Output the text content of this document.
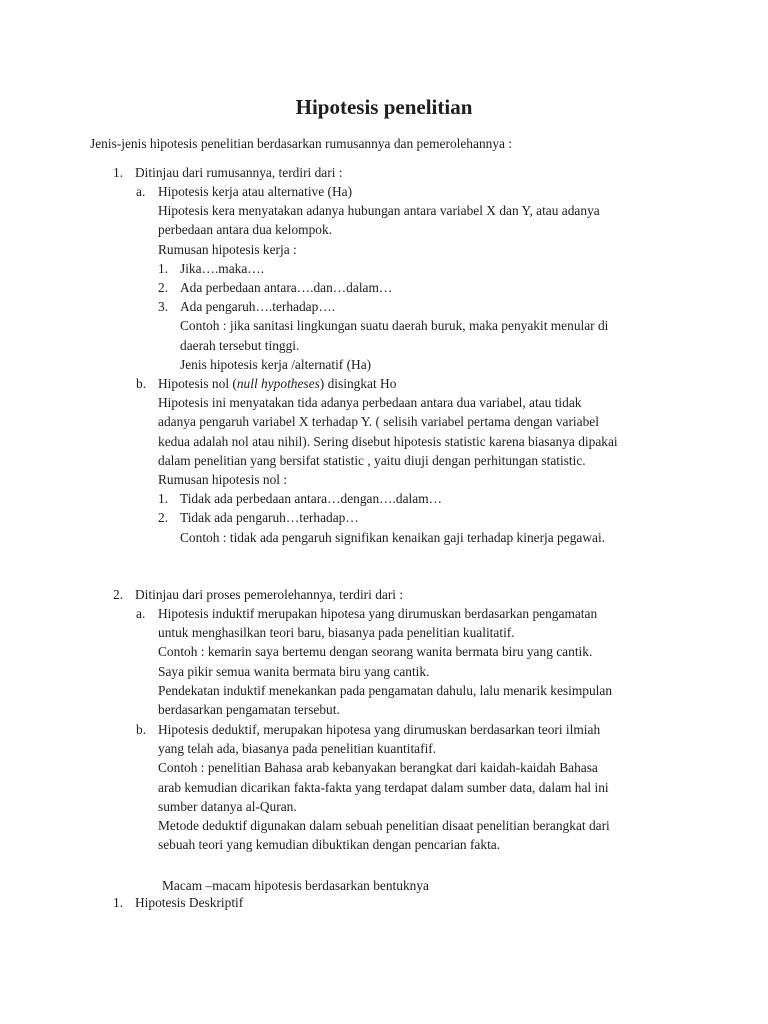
Hipotesis penelitian
Jenis-jenis hipotesis penelitian berdasarkan rumusannya dan pemerolehannya :
1. Ditinjau dari rumusannya, terdiri dari :
a. Hipotesis kerja atau alternative (Ha)
Hipotesis kera menyatakan adanya hubungan antara variabel X dan Y, atau adanya
perbedaan antara dua kelompok.
Rumusan hipotesis kerja :
1. Jika….maka….
2. Ada perbedaan antara….dan…dalam…
3. Ada pengaruh….terhadap….
Contoh : jika sanitasi lingkungan suatu daerah buruk, maka penyakit menular di
daerah tersebut tinggi.
Jenis hipotesis kerja /alternatif (Ha)
b. Hipotesis nol (null hypotheses) disingkat Ho
Hipotesis ini menyatakan tida adanya perbedaan antara dua variabel, atau tidak
adanya pengaruh variabel X terhadap Y. ( selisih variabel pertama dengan variabel
kedua adalah nol atau nihil). Sering disebut hipotesis statistic karena biasanya dipakai
dalam penelitian yang bersifat statistic , yaitu diuji dengan perhitungan statistic.
Rumusan hipotesis nol :
1. Tidak ada perbedaan antara…dengan….dalam…
2. Tidak ada pengaruh…terhadap…
Contoh : tidak ada pengaruh signifikan kenaikan gaji terhadap kinerja pegawai.
2. Ditinjau dari proses pemerolehannya, terdiri dari :
a. Hipotesis induktif merupakan hipotesa yang dirumuskan berdasarkan pengamatan
untuk menghasilkan teori baru, biasanya pada penelitian kualitatif.
Contoh : kemarin saya bertemu dengan seorang wanita bermata biru yang cantik.
Saya pikir semua wanita bermata biru yang cantik.
Pendekatan induktif menekankan pada pengamatan dahulu, lalu menarik kesimpulan
berdasarkan pengamatan tersebut.
b. Hipotesis deduktif, merupakan hipotesa yang dirumuskan berdasarkan teori ilmiah
yang telah ada, biasanya pada penelitian kuantitafif.
Contoh : penelitian Bahasa arab kebanyakan berangkat dari kaidah-kaidah Bahasa
arab kemudian dicarikan fakta-fakta yang terdapat dalam sumber data, dalam hal ini
sumber datanya al-Quran.
Metode deduktif digunakan dalam sebuah penelitian disaat penelitian berangkat dari
sebuah teori yang kemudian dibuktikan dengan pencarian fakta.
Macam –macam hipotesis berdasarkan bentuknya
1. Hipotesis Deskriptif
